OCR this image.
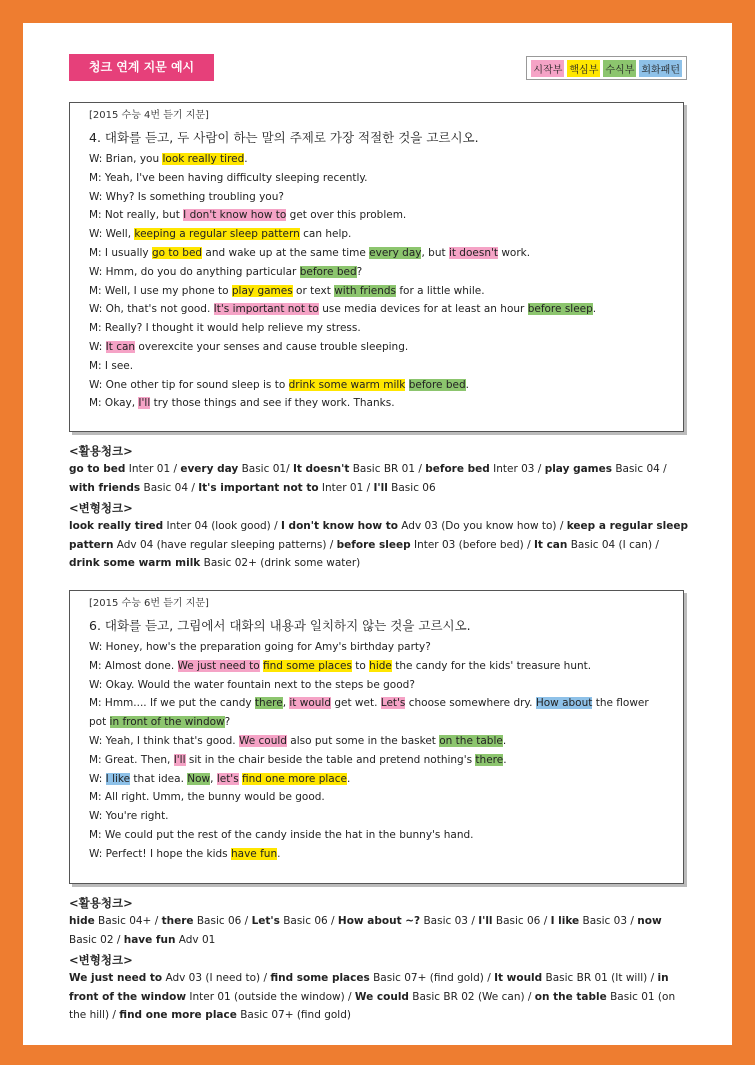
청크 연계 지문 예시	시작부 핵심부 수식부 회화패턴
[2015 수능 4번 듣기 지문]
4. 대화를 듣고, 두 사람이 하는 말의 주제로 가장 적절한 것을 고르시오.
W: Brian, you look really tired.
M: Yeah, I've been having difficulty sleeping recently.
W: Why? Is something troubling you?
M: Not really, but I don't know how to get over this problem.
W: Well, keeping a regular sleep pattern can help.
M: I usually go to bed and wake up at the same time every day, but it doesn't work.
W: Hmm, do you do anything particular before bed?
M: Well, I use my phone to play games or text with friends for a little while.
W: Oh, that's not good. It's important not to use media devices for at least an hour before sleep.
M: Really? I thought it would help relieve my stress.
W: It can overexcite your senses and cause trouble sleeping.
M: I see.
W: One other tip for sound sleep is to drink some warm milk before bed.
M: Okay, I'll try those things and see if they work. Thanks.
<활용청크>
go to bed Inter 01 / every day Basic 01/ It doesn't Basic BR 01 / before bed Inter 03 / play games Basic 04 / with friends Basic 04 / It's important not to Inter 01 / I'll Basic 06
<변형청크>
look really tired Inter 04 (look good) / I don't know how to Adv 03 (Do you know how to) / keep a regular sleep pattern Adv 04 (have regular sleeping patterns) / before sleep Inter 03 (before bed) / It can Basic 04 (I can) / drink some warm milk Basic 02+ (drink some water)
[2015 수능 6번 듣기 지문]
6. 대화를 듣고, 그림에서 대화의 내용과 일치하지 않는 것을 고르시오.
W: Honey, how's the preparation going for Amy's birthday party?
M: Almost done. We just need to find some places to hide the candy for the kids' treasure hunt.
W: Okay. Would the water fountain next to the steps be good?
M: Hmm.... If we put the candy there, it would get wet. Let's choose somewhere dry. How about the flower
pot in front of the window?
W: Yeah, I think that's good. We could also put some in the basket on the table.
M: Great. Then, I'll sit in the chair beside the table and pretend nothing's there.
W: I like that idea. Now, let's find one more place.
M: All right. Umm, the bunny would be good.
W: You're right.
M: We could put the rest of the candy inside the hat in the bunny's hand.
W: Perfect! I hope the kids have fun.
<활용청크>
hide Basic 04+ / there Basic 06 / Let's Basic 06 / How about ~? Basic 03 / I'll Basic 06 / I like Basic 03 / now Basic 02 / have fun Adv 01
<변형청크>
We just need to Adv 03 (I need to) / find some places Basic 07+ (find gold) / It would Basic BR 01 (It will) / in front of the window Inter 01 (outside the window) / We could Basic BR 02 (We can) / on the table Basic 01 (on the hill) / find one more place Basic 07+ (find gold)
